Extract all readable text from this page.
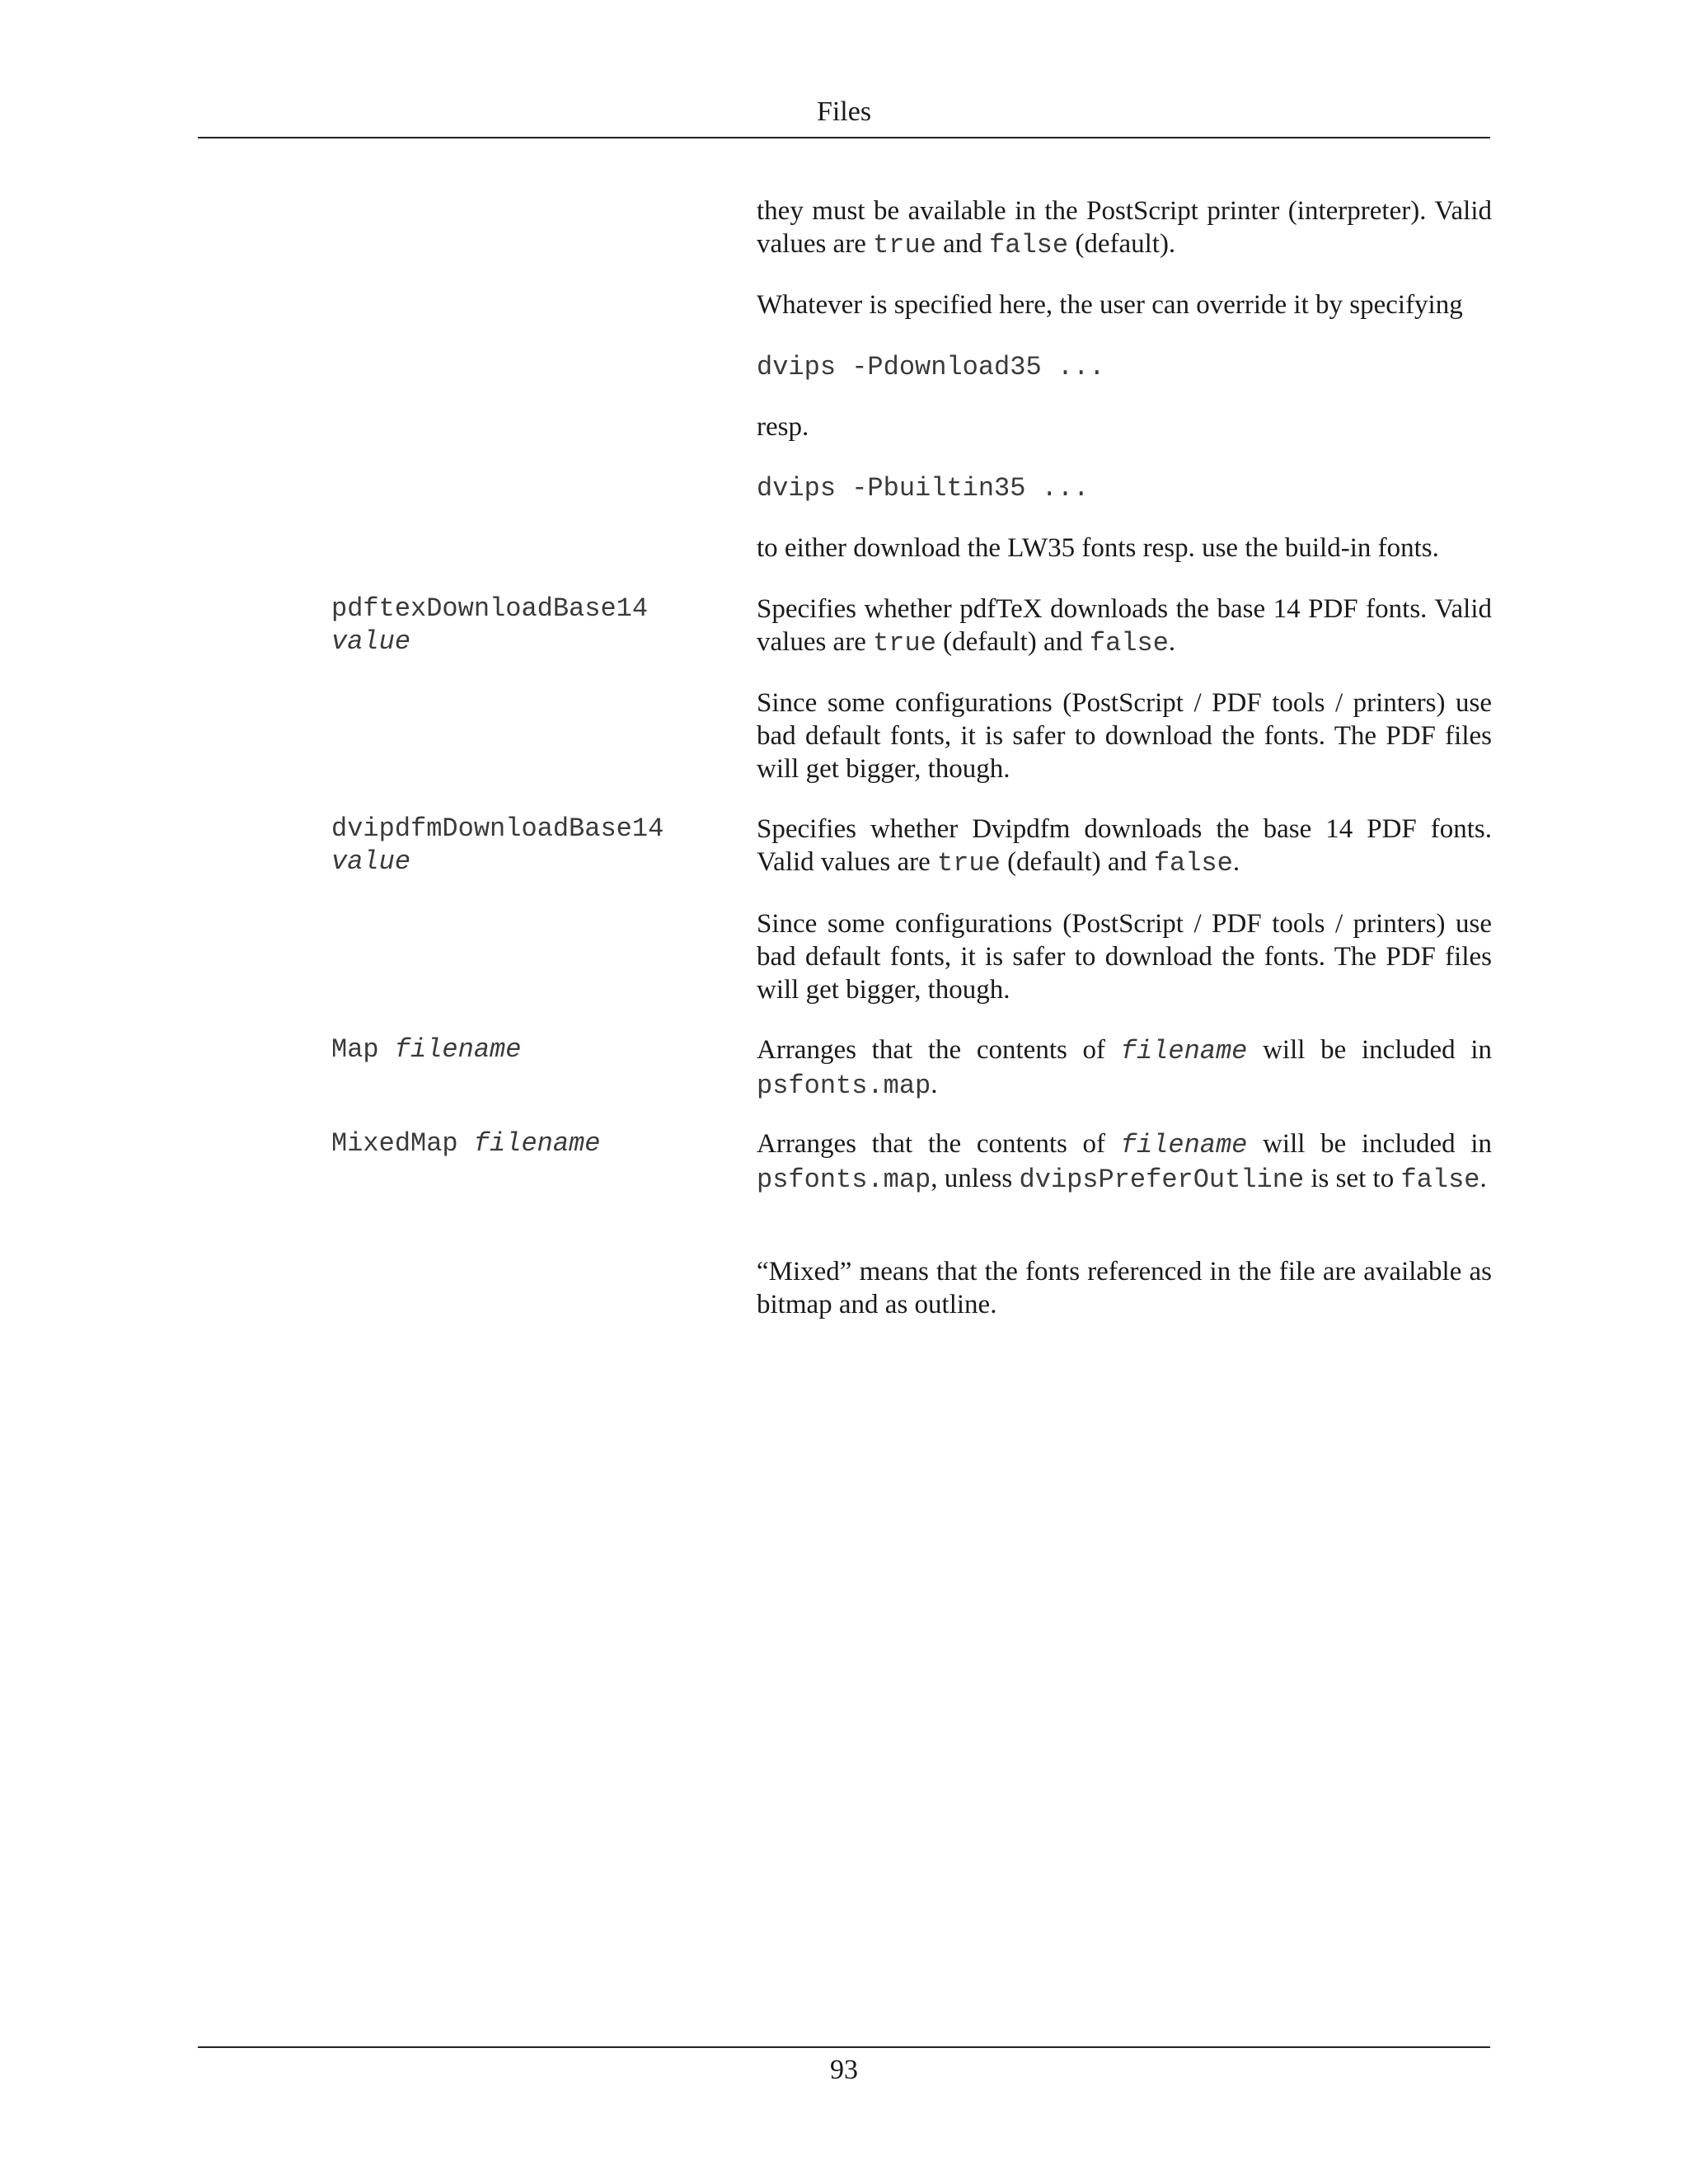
Files
they must be available in the PostScript printer (interpreter). Valid values are true and false (default).
Whatever is specified here, the user can override it by specifying
dvips -Pdownload35 ...
resp.
dvips -Pbuiltin35 ...
to either download the LW35 fonts resp. use the build-in fonts.
pdftexDownloadBase14
value
Specifies whether pdfTeX downloads the base 14 PDF fonts. Valid values are true (default) and false.
Since some configurations (PostScript / PDF tools / printers) use bad default fonts, it is safer to download the fonts. The PDF files will get bigger, though.
dvipdfmDownloadBase14
value
Specifies whether Dvipdfm downloads the base 14 PDF fonts. Valid values are true (default) and false.
Since some configurations (PostScript / PDF tools / printers) use bad default fonts, it is safer to download the fonts. The PDF files will get bigger, though.
Map filename	Arranges that the contents of filename will be included in psfonts.map.
MixedMap filename	Arranges that the contents of filename will be included in psfonts.map, unless dvipsPreferOutline is set to false.
“Mixed” means that the fonts referenced in the file are available as bitmap and as outline.
93
